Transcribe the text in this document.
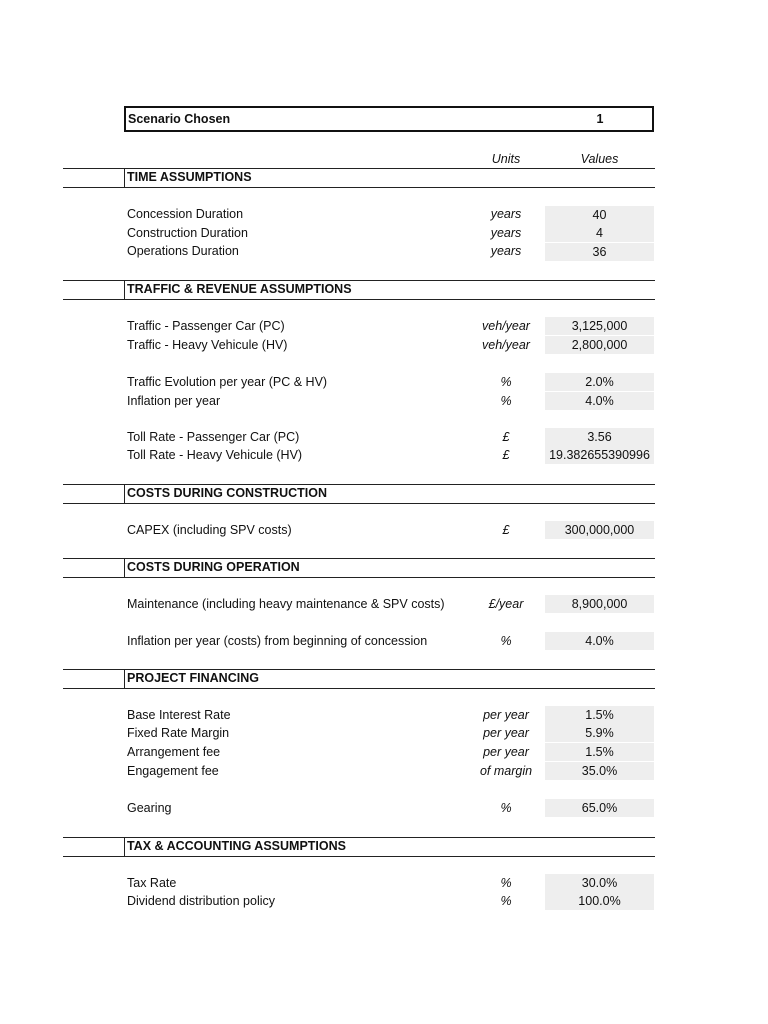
Scenario Chosen	1
Units	Values
TIME ASSUMPTIONS
Concession Duration	years	40
Construction Duration	years	4
Operations Duration	years	36
TRAFFIC & REVENUE ASSUMPTIONS
Traffic - Passenger Car (PC)	veh/year	3,125,000
Traffic - Heavy Vehicule (HV)	veh/year	2,800,000
Traffic Evolution per year (PC & HV)	%	2.0%
Inflation per year	%	4.0%
Toll Rate - Passenger Car (PC)	£	3.56
Toll Rate - Heavy Vehicule (HV)	£	19.382655390996
COSTS DURING CONSTRUCTION
CAPEX (including SPV costs)	£	300,000,000
COSTS DURING OPERATION
Maintenance (including heavy maintenance & SPV costs)	£/year	8,900,000
Inflation per year (costs) from beginning of concession	%	4.0%
PROJECT FINANCING
Base Interest Rate	per year	1.5%
Fixed Rate Margin	per year	5.9%
Arrangement fee	per year	1.5%
Engagement fee	of margin	35.0%
Gearing	%	65.0%
TAX & ACCOUNTING ASSUMPTIONS
Tax Rate	%	30.0%
Dividend distribution policy	%	100.0%
